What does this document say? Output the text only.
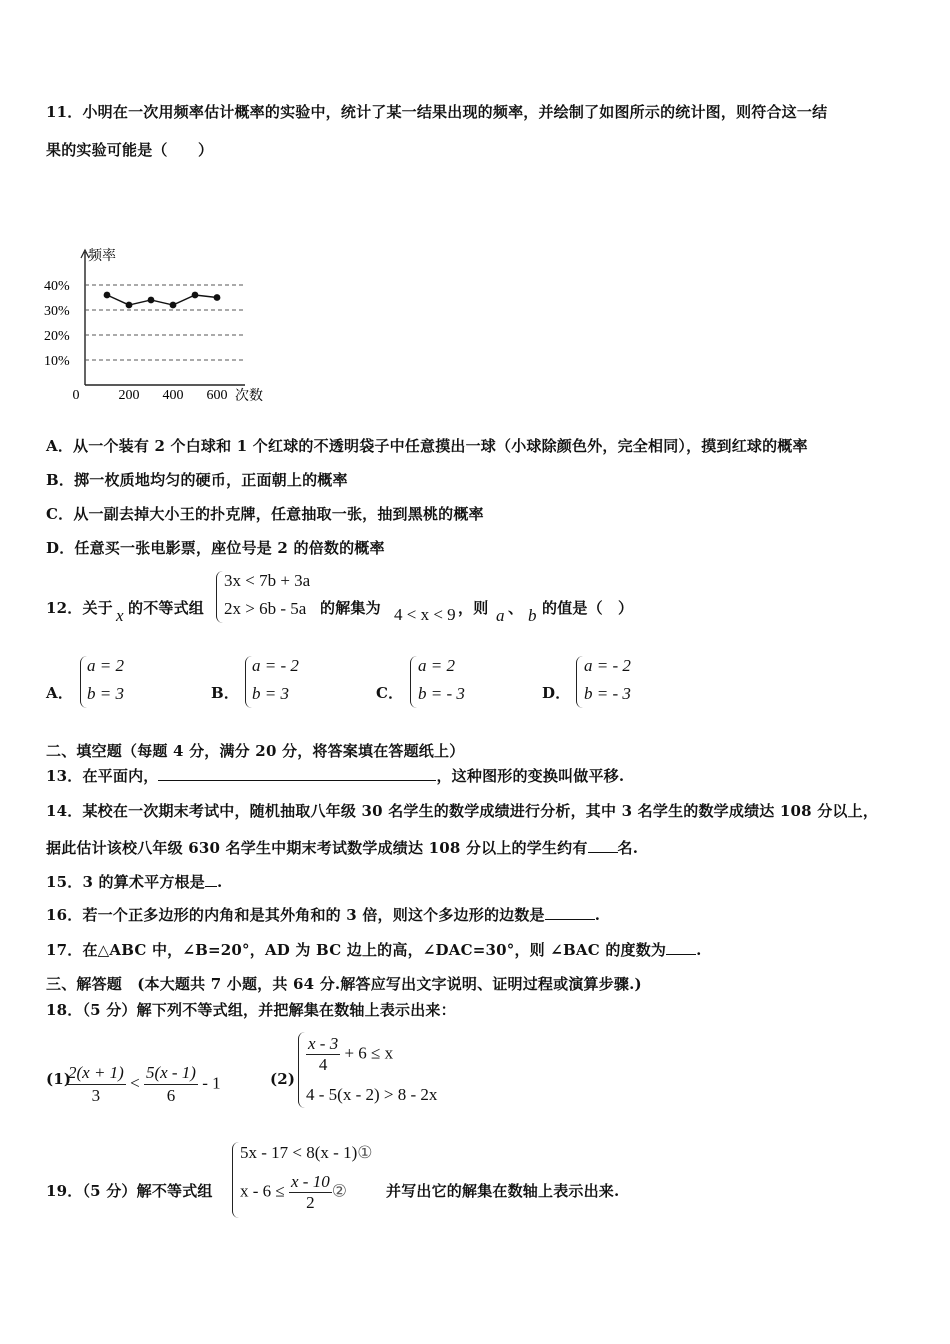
11．小明在一次用频率估计概率的实验中，统计了某一结果出现的频率，并绘制了如图所示的统计图，则符合这一结
果的实验可能是（　　）
频率
次数
10%
20%
30%
40%
0	200 400 600
A．从一个装有 2 个白球和 1 个红球的不透明袋子中任意摸出一球（小球除颜色外，完全相同），摸到红球的概率
B．掷一枚质地均匀的硬币，正面朝上的概率
C．从一副去掉大小王的扑克牌，任意抽取一张，抽到黑桃的概率
D．任意买一张电影票，座位号是 2 的倍数的概率
12．关于 x 的不等式组
3x < 7b + 3a
2x > 6b - 5a 的解集为 4 < x < 9 ，则 a 、 b 的值是（　）
A．
a = 2
b = 3	B．
a = - 2
b = 3	C．
a = 2
b = - 3	D．
a = - 2
b = - 3
二、填空题（每题 4 分，满分 20 分，将答案填在答题纸上）
13．在平面内，	，这种图形的变换叫做平移.
14．某校在一次期末考试中，随机抽取八年级 30 名学生的数学成绩进行分析，其中 3 名学生的数学成绩达 108 分以上，
据此估计该校八年级 630 名学生中期末考试数学成绩达 108 分以上的学生约有 名.
15．3 的算术平方根是 .
16．若一个正多边形的内角和是其外角和的 3 倍，则这个多边形的边数是	.
17．在△ABC 中，∠B=20°，AD 为 BC 边上的高，∠DAC=30°，则 ∠BAC 的度数为 .
三、解答题　(本大题共 7 小题，共 64 分.解答应写出文字说明、证明过程或演算步骤.)
18．（5 分）解下列不等式组，并把解集在数轴上表示出来：
(1)
$\frac{2(x + 1)}{3} < \frac{5(x - 1)}{6} - 1$	(2)
$\frac{x - 3}{4} + 6 \le x$
4 - 5(x - 2) > 8 - 2x
19．（5 分）解不等式组
5x - 17 < 8(x - 1)①
$x - 6 \le \frac{x - 10}{2}$ ②	并写出它的解集在数轴上表示出来.
